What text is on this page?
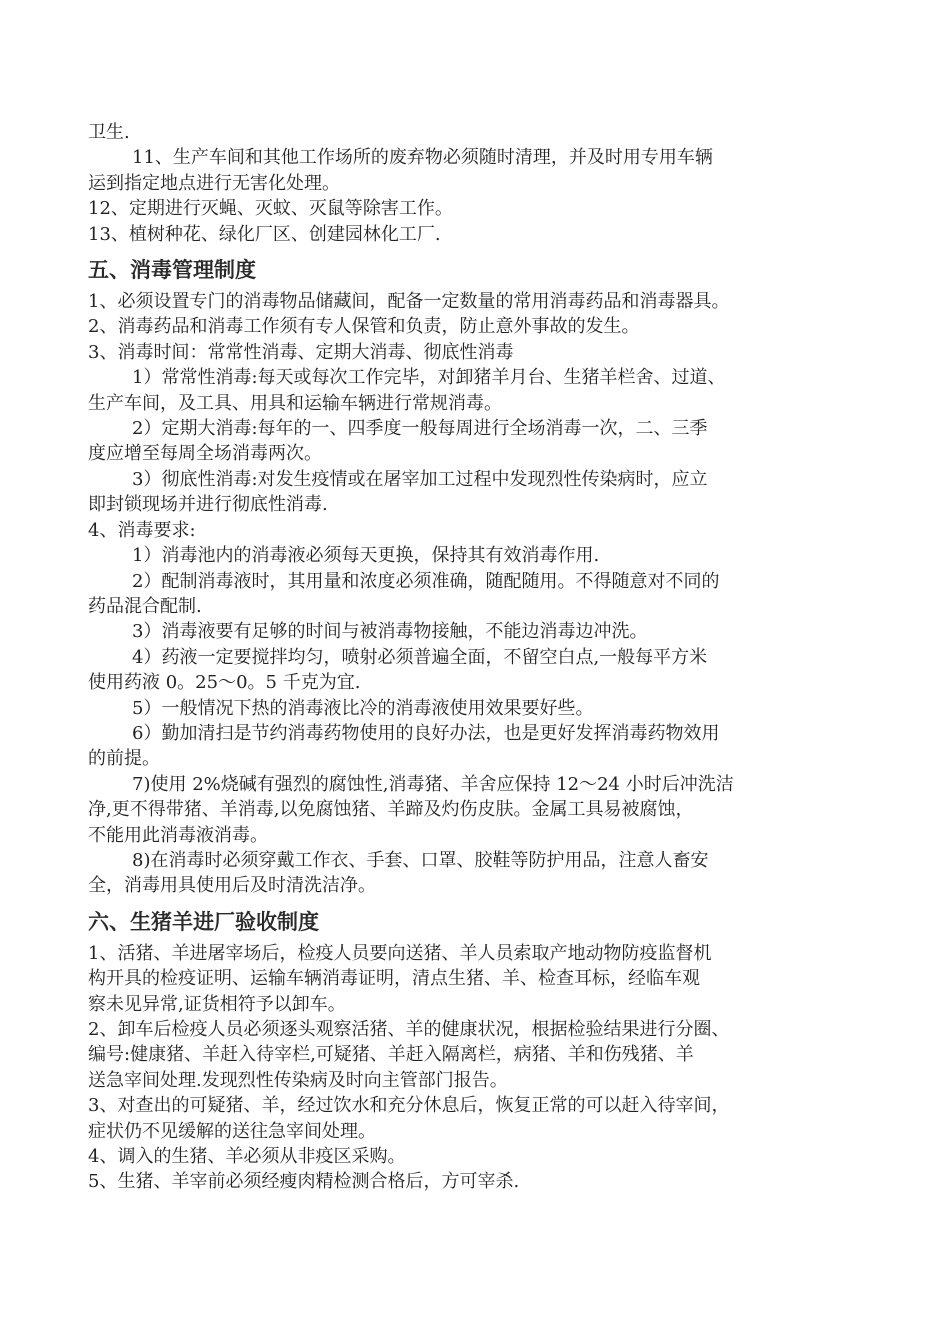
卫生.
11、生产车间和其他工作场所的废弃物必须随时清理，并及时用专用车辆
运到指定地点进行无害化处理。
12、定期进行灭蝇、灭蚊、灭鼠等除害工作。
13、植树种花、绿化厂区、创建园林化工厂.

五、消毒管理制度

1、必须设置专门的消毒物品储藏间，配备一定数量的常用消毒药品和消毒器具。
2、消毒药品和消毒工作须有专人保管和负责，防止意外事故的发生。
3、消毒时间：常常性消毒、定期大消毒、彻底性消毒
1）常常性消毒:每天或每次工作完毕，对卸猪羊月台、生猪羊栏舍、过道、
生产车间，及工具、用具和运输车辆进行常规消毒。
2）定期大消毒:每年的一、四季度一般每周进行全场消毒一次，二、三季
度应增至每周全场消毒两次。
3）彻底性消毒:对发生疫情或在屠宰加工过程中发现烈性传染病时，应立
即封锁现场并进行彻底性消毒.
4、消毒要求:
1）消毒池内的消毒液必须每天更换，保持其有效消毒作用.
2）配制消毒液时，其用量和浓度必须准确，随配随用。不得随意对不同的
药品混合配制.
3）消毒液要有足够的时间与被消毒物接触，不能边消毒边冲洗。
4）药液一定要搅拌均匀，喷射必须普遍全面，不留空白点,一般每平方米
使用药液 0。25～0。5 千克为宜.
5）一般情况下热的消毒液比冷的消毒液使用效果要好些。
6）勤加清扫是节约消毒药物使用的良好办法，也是更好发挥消毒药物效用
的前提。
7)使用 2%烧碱有强烈的腐蚀性,消毒猪、羊舍应保持 12～24 小时后冲洗洁
净,更不得带猪、羊消毒,以免腐蚀猪、羊蹄及灼伤皮肤。金属工具易被腐蚀，
不能用此消毒液消毒。
8)在消毒时必须穿戴工作衣、手套、口罩、胶鞋等防护用品，注意人畜安
全，消毒用具使用后及时清洗洁净。

六、生猪羊进厂验收制度

1、活猪、羊进屠宰场后，检疫人员要向送猪、羊人员索取产地动物防疫监督机
构开具的检疫证明、运输车辆消毒证明，清点生猪、羊、检查耳标，经临车观
察未见异常,证货相符予以卸车。
2、卸车后检疫人员必须逐头观察活猪、羊的健康状况，根据检验结果进行分圈、
编号:健康猪、羊赶入待宰栏,可疑猪、羊赶入隔离栏，病猪、羊和伤残猪、羊
送急宰间处理.发现烈性传染病及时向主管部门报告。
3、对查出的可疑猪、羊，经过饮水和充分休息后，恢复正常的可以赶入待宰间，
症状仍不见缓解的送往急宰间处理。
4、调入的生猪、羊必须从非疫区采购。
5、生猪、羊宰前必须经瘦肉精检测合格后，方可宰杀.
